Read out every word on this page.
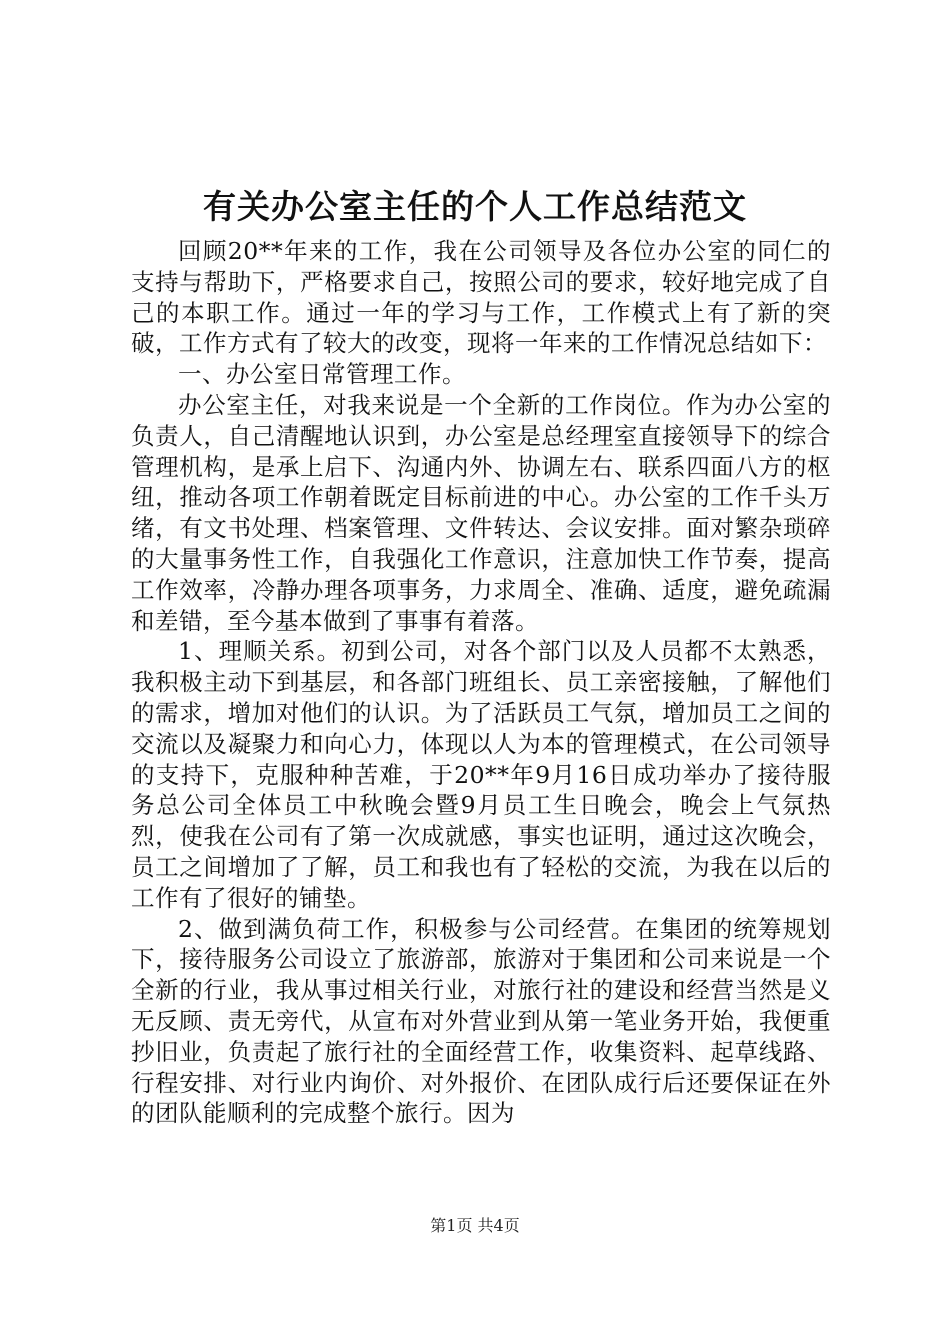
有关办公室主任的个人工作总结范文

回顾20**年来的工作，我在公司领导及各位办公室的同仁的支持与帮助下，严格要求自己，按照公司的要求，较好地完成了自己的本职工作。通过一年的学习与工作，工作模式上有了新的突破，工作方式有了较大的改变，现将一年来的工作情况总结如下：

一、办公室日常管理工作。

办公室主任，对我来说是一个全新的工作岗位。作为办公室的负责人，自己清醒地认识到，办公室是总经理室直接领导下的综合管理机构，是承上启下、沟通内外、协调左右、联系四面八方的枢纽，推动各项工作朝着既定目标前进的中心。办公室的工作千头万绪，有文书处理、档案管理、文件转达、会议安排。面对繁杂琐碎的大量事务性工作，自我强化工作意识，注意加快工作节奏，提高工作效率，冷静办理各项事务，力求周全、准确、适度，避免疏漏和差错，至今基本做到了事事有着落。

1、理顺关系。初到公司，对各个部门以及人员都不太熟悉，我积极主动下到基层，和各部门班组长、员工亲密接触，了解他们的需求，增加对他们的认识。为了活跃员工气氛，增加员工之间的交流以及凝聚力和向心力，体现以人为本的管理模式，在公司领导的支持下，克服种种苦难，于20**年9月16日成功举办了接待服务总公司全体员工中秋晚会暨9月员工生日晚会，晚会上气氛热烈，使我在公司有了第一次成就感，事实也证明，通过这次晚会，员工之间增加了了解，员工和我也有了轻松的交流，为我在以后的工作有了很好的铺垫。

2、做到满负荷工作，积极参与公司经营。在集团的统筹规划下，接待服务公司设立了旅游部，旅游对于集团和公司来说是一个全新的行业，我从事过相关行业，对旅行社的建设和经营当然是义无反顾、责无旁代，从宣布对外营业到从第一笔业务开始，我便重抄旧业，负责起了旅行社的全面经营工作，收集资料、起草线路、行程安排、对行业内询价、对外报价、在团队成行后还要保证在外的团队能顺利的完成整个旅行。因为

第1页 共4页
